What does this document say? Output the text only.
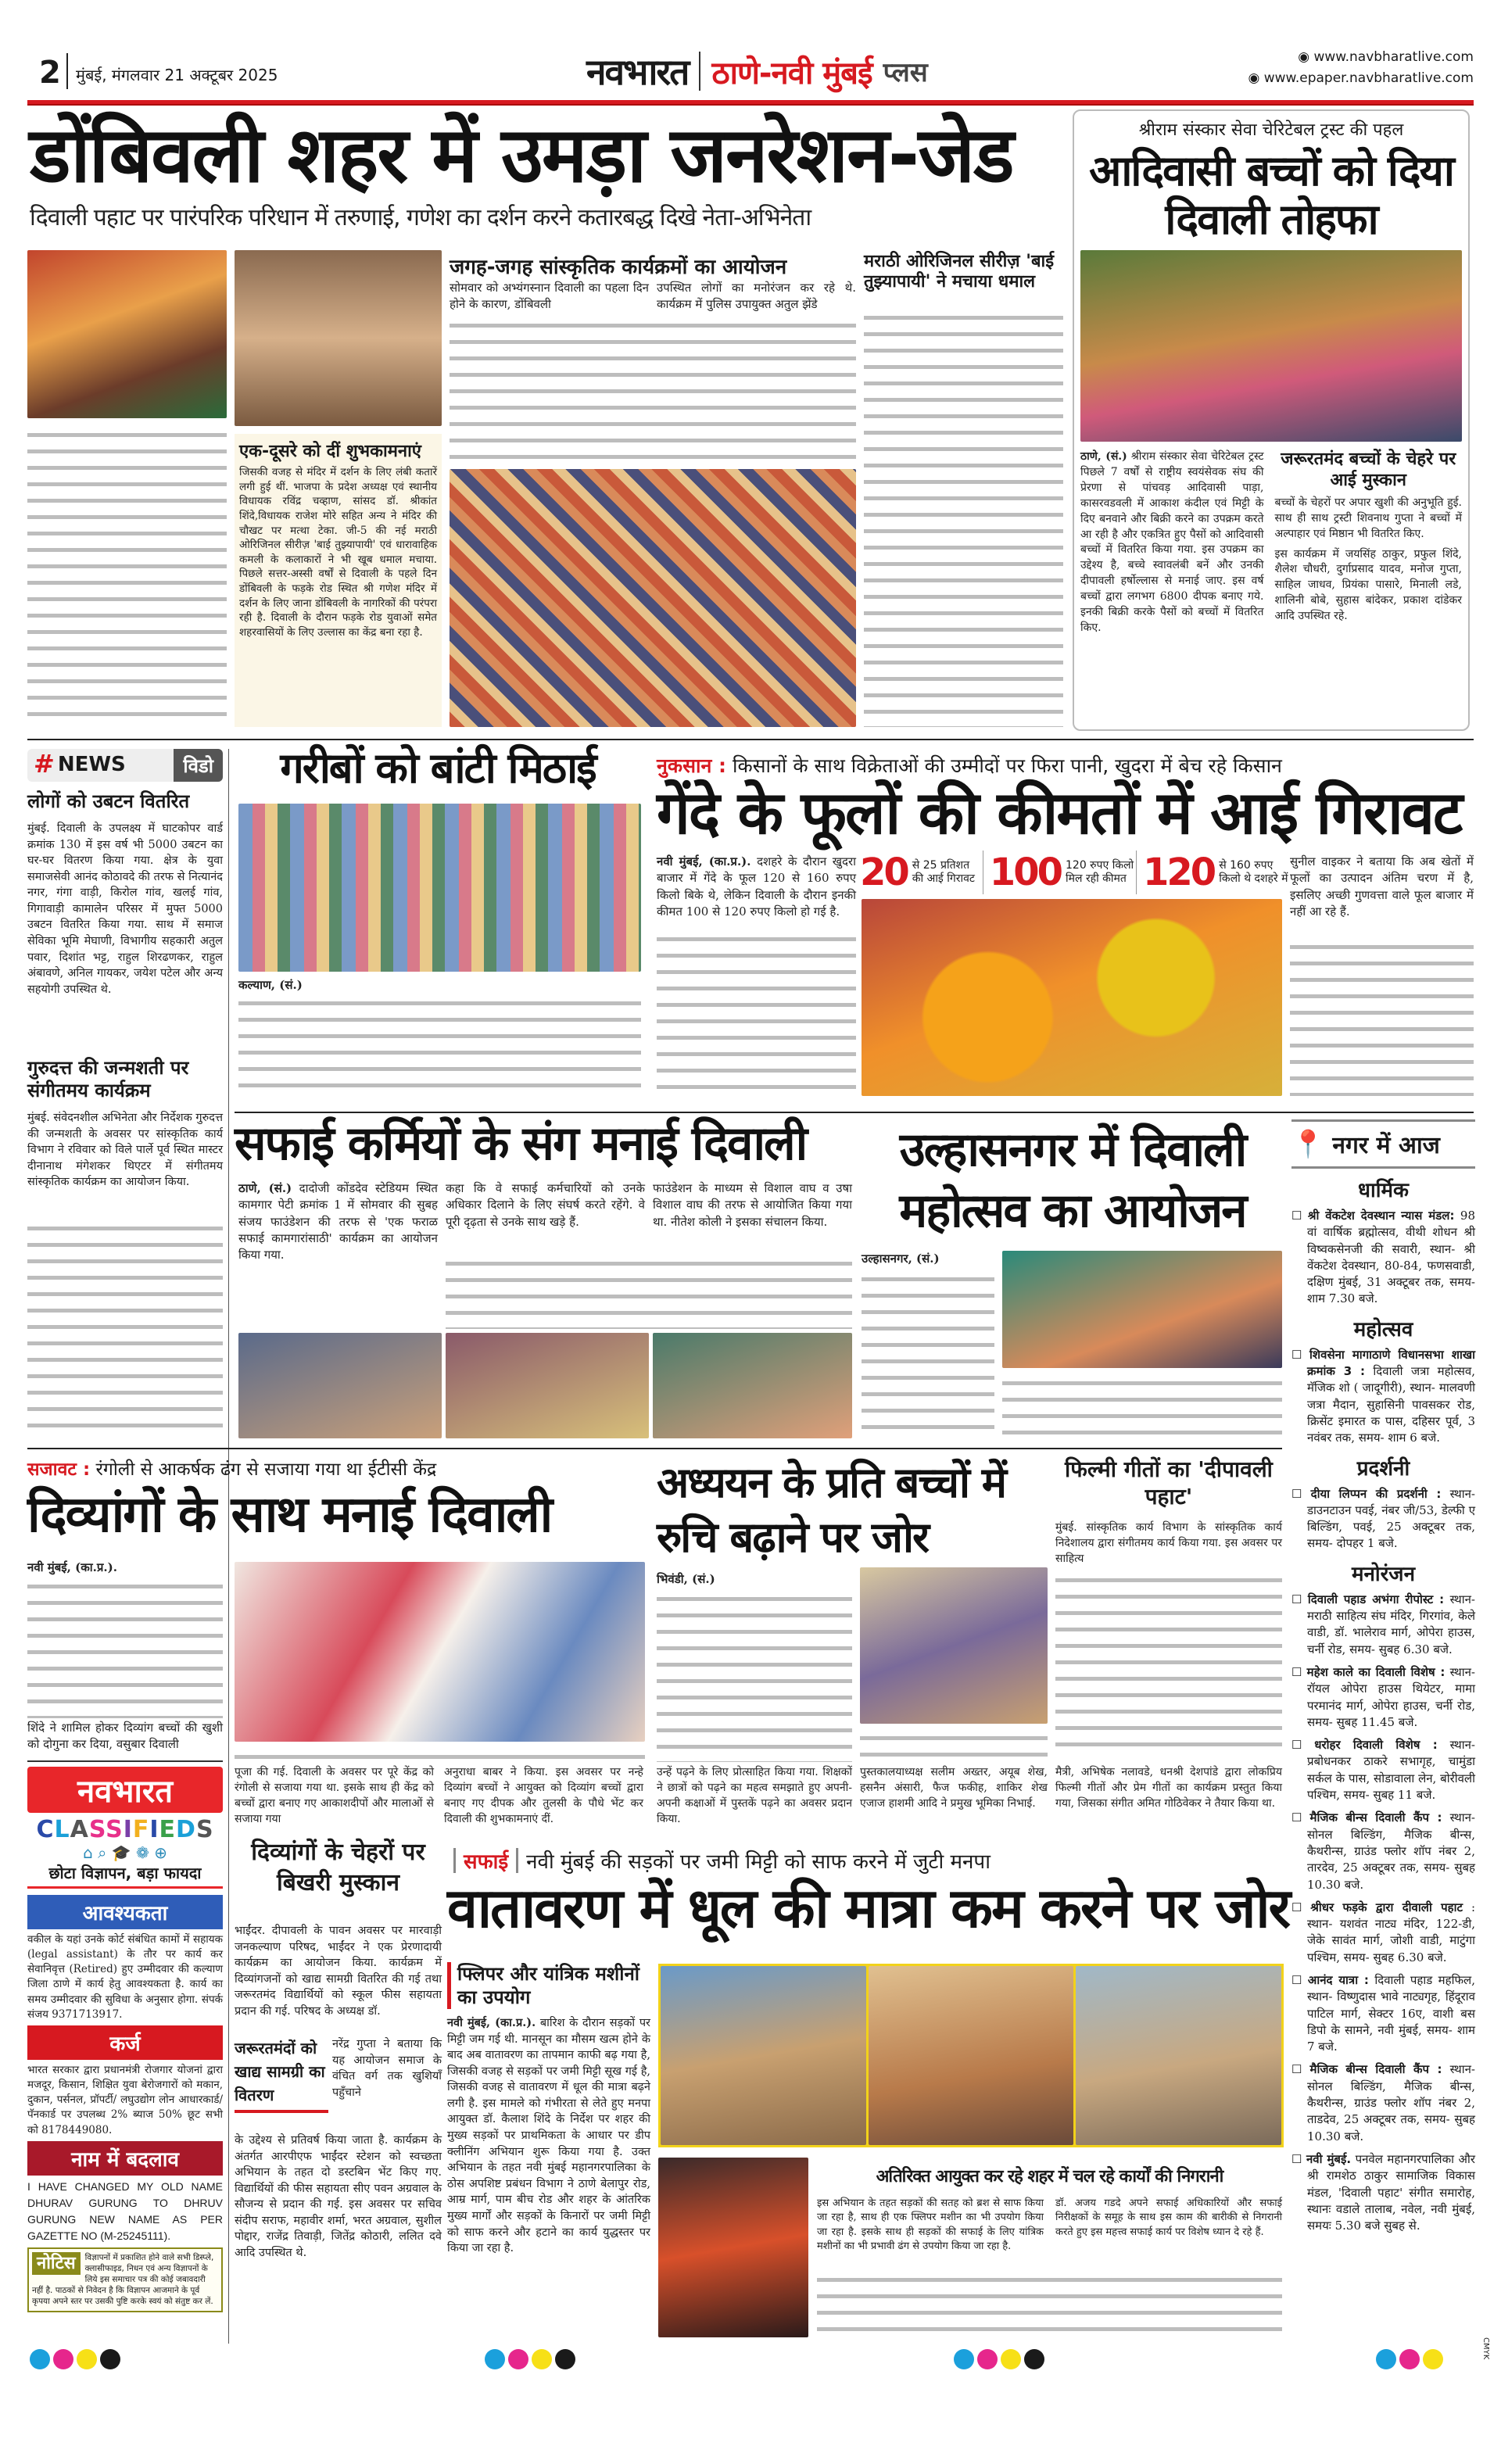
2 मुंबई, मंगलवार 21 अक्टूबर 2025	नवभारत ठाणे-नवी मुंबई प्लस	◉ www.navbharatlive.com
◉ www.epaper.navbharatlive.com
डोंबिवली शहर में उमड़ा जनरेशन-जेड
दिवाली पहाट पर पारंपरिक परिधान में तरुणाई, गणेश का दर्शन करने कतारबद्ध दिखे नेता-अभिनेता
एक-दूसरे को दीं शुभकामनाएं
जिसकी वजह से मंदिर में दर्शन के लिए लंबी कतारें लगी हुई थीं. भाजपा के प्रदेश अध्यक्ष एवं स्थानीय विधायक रविंद्र चव्हाण, सांसद डॉ. श्रीकांत शिंदे,विधायक राजेश मोरे सहित अन्य ने मंदिर की चौखट पर मत्था टेका. जी-5 की नई मराठी ओरिजिनल सीरीज़ 'बाई तुझ्यापायी' एवं धारावाहिक कमली के कलाकारों ने भी खूब धमाल मचाया. पिछले सत्तर-अस्सी वर्षों से दिवाली के पहले दिन डोंबिवली के फड़के रोड स्थित श्री गणेश मंदिर में दर्शन के लिए जाना डोंबिवली के नागरिकों की परंपरा रही है. दिवाली के दौरान फड़के रोड युवाओं समेत शहरवासियों के लिए उल्लास का केंद्र बना रहा है.
जगह-जगह सांस्कृतिक कार्यक्रमों का आयोजन
सोमवार को अभ्यंगस्नान दिवाली का पहला दिन होने के कारण, डोंबिवली
उपस्थित लोगों का मनोरंजन कर रहे थे. कार्यक्रम में पुलिस उपायुक्त अतुल झेंडे
मराठी ओरिजिनल सीरीज़ 'बाई तुझ्यापायी' ने मचाया धमाल
श्रीराम संस्कार सेवा चेरिटेबल ट्रस्ट की पहल
आदिवासी बच्चों को दिया दिवाली तोहफा
ठाणे, (सं.) श्रीराम संस्कार सेवा चेरिटेबल ट्रस्ट पिछले 7 वर्षों से राष्ट्रीय स्वयंसेवक संघ की प्रेरणा से पांचवड़ आदिवासी पाड़ा, कासरवडवली में आकाश कंदील एवं मिट्टी के दिए बनवाने और बिक्री करने का उपक्रम करते आ रही है और एकत्रित हुए पैसों को आदिवासी बच्चों में वितरित किया गया. इस उपक्रम का उद्देश्य है, बच्चे स्वावलंबी बनें और उनकी दीपावली हर्षोल्लास से मनाई जाए. इस वर्ष बच्चों द्वारा लगभग 6800 दीपक बनाए गये. इनकी बिक्री करके पैसों को बच्चों में वितरित किए.
जरूरतमंद बच्चों के चेहरे पर आई मुस्कान
बच्चों के चेहरों पर अपार खुशी की अनुभूति हुई. साथ ही साथ ट्रस्टी शिवनाथ गुप्ता ने बच्चों में अल्पाहार एवं मिष्ठान भी वितरित किए.
इस कार्यक्रम में जयसिंह ठाकुर, प्रफुल शिंदे, शैलेश चौधरी, दुर्गाप्रसाद यादव, मनोज गुप्ता, साहिल जाधव, प्रियंका पासारे, मिनाली लडे, शालिनी बोबे, सुहास बांदेकर, प्रकाश दांडेकर आदि उपस्थित रहे.
# NEWS	विडो
लोगों को उबटन वितरित
मुंबई. दिवाली के उपलक्ष्य में घाटकोपर वार्ड क्रमांक 130 में इस वर्ष भी 5000 उबटन का घर-घर वितरण किया गया. क्षेत्र के युवा समाजसेवी आनंद कोठावदे की तरफ से नित्यानंद नगर, गंगा वाड़ी, किरोल गांव, खलई गांव, गिगावाड़ी कामालेन परिसर में मुफ्त 5000 उबटन वितरित किया गया. साथ में समाज सेविका भूमि मेघाणी, विभागीय सहकारी अतुल पवार, दिशांत भट्ट, राहुल शिरढणकर, राहुल अंबावणे, अनिल गायकर, जयेश पटेल और अन्य सहयोगी उपस्थित थे.
गुरुदत्त की जन्मशती पर संगीतमय कार्यक्रम
मुंबई. संवेदनशील अभिनेता और निर्देशक गुरुदत्त की जन्मशती के अवसर पर सांस्कृतिक कार्य विभाग ने रविवार को विले पार्ले पूर्व स्थित मास्टर दीनानाथ मंगेशकर थिएटर में संगीतमय सांस्कृतिक कार्यक्रम का आयोजन किया.
गरीबों को बांटी मिठाई
कल्याण, (सं.)
नुकसान : किसानों के साथ विक्रेताओं की उम्मीदों पर फिरा पानी, खुदरा में बेच रहे किसान
गेंदे के फूलों की कीमतों में आई गिरावट
नवी मुंबई, (का.प्र.). दशहरे के दौरान खुदरा बाजार में गेंदे के फूल 120 से 160 रुपए किलो बिके थे, लेकिन दिवाली के दौरान इनकी कीमत 100 से 120 रुपए किलो हो गई है.
20 से 25 प्रतिशत की आई गिरावट 100 120 रुपए किलो मिल रही कीमत 120 से 160 रुपए किलो थे दशहरे में
सुनील वाइकर ने बताया कि अब खेतों में फूलों का उत्पादन अंतिम चरण में है, इसलिए अच्छी गुणवत्ता वाले फूल बाजार में नहीं आ रहे हैं.
सफाई कर्मियों के संग मनाई दिवाली
ठाणे, (सं.) दादोजी कोंडदेव स्टेडियम स्थित कामगार पेटी क्रमांक 1 में सोमवार की सुबह संजय फाउंडेशन की तरफ से 'एक फराळ सफाई कामगारांसाठी' कार्यक्रम का आयोजन किया गया.
कहा कि वे सफाई कर्मचारियों को उनके अधिकार दिलाने के लिए संघर्ष करते रहेंगे. वे पूरी दृढ़ता से उनके साथ खड़े हैं.
फाउंडेशन के माध्यम से विशाल वाघ व उषा विशाल वाघ की तरफ से आयोजित किया गया था. नीतेश कोली ने इसका संचालन किया.
उल्हासनगर में दिवाली महोत्सव का आयोजन
उल्हासनगर, (सं.)
📍 नगर में आज
धार्मिक
☐ श्री वेंकटेश देवस्थान न्यास मंडल: 98 वां वार्षिक ब्रह्मोत्सव, वीथी शोधन श्री विष्वकसेनजी की सवारी, स्थान- श्री वेंकटेश देवस्थान, 80-84, फणसवाडी, दक्षिण मुंबई, 31 अक्टूबर तक, समय- शाम 7.30 बजे.
महोत्सव
☐ शिवसेना मागाठाणे विधानसभा शाखा क्रमांक 3 : दिवाली जत्रा महोत्सव, मॅजिक शो ( जादूगीरी), स्थान- मालवणी जत्रा मैदान, सुहासिनी पावसकर रोड, क्रिसेंट इमारत क पास, दहिसर पूर्व, 3 नवंबर तक, समय- शाम 6 बजे.
प्रदर्शनी
☐ दीया लिप्पन की प्रदर्शनी : स्थान- डाउनटाउन पवई, नंबर जी/53, डेल्फी ए बिल्डिंग, पवई, 25 अक्टूबर तक, समय- दोपहर 1 बजे.
मनोरंजन
☐ दिवाली पहाड अभंगा रीपोस्ट : स्थान- मराठी साहित्य संघ मंदिर, गिरगांव, केले वाडी, डॉ. भालेराव मार्ग, ओपेरा हाउस, चर्नी रोड, समय- सुबह 6.30 बजे.
☐ महेश काले का दिवाली विशेष : स्थान- रॉयल ओपेरा हाउस थियेटर, मामा परमानंद मार्ग, ओपेरा हाउस, चर्नी रोड, समय- सुबह 11.45 बजे.
☐ धरोहर दिवाली विशेष : स्थान- प्रबोधनकर ठाकरे सभागृह, चामुंडा सर्कल के पास, सोडावाला लेन, बोरीवली पश्चिम, समय- सुबह 11 बजे.
☐ मैजिक बीन्स दिवाली कैंप : स्थान- सोनल बिल्डिंग, मैजिक बीन्स, कैथरीन्स, ग्राउंड फ्लोर शॉप नंबर 2, तारदेव, 25 अक्टूबर तक, समय- सुबह 10.30 बजे.
☐ श्रीधर फड़के द्वारा दीवाली पहाट : स्थान- यशवंत नाट्य मंदिर, 122-डी, जेके सावंत मार्ग, जोशी वाडी, माटुंगा पश्चिम, समय- सुबह 6.30 बजे.
☐ आनंद यात्रा : दिवाली पहाड महफिल, स्थान- विष्णुदास भावे नाट्यगृह, हिंदूराव पाटिल मार्ग, सेक्टर 16ए, वाशी बस डिपो के सामने, नवी मुंबई, समय- शाम 7 बजे.
☐ मैजिक बीन्स दिवाली कैंप : स्थान- सोनल बिल्डिंग, मैजिक बीन्स, कैथरीन्स, ग्राउंड फ्लोर शॉप नंबर 2, ताडदेव, 25 अक्टूबर तक, समय- सुबह 10.30 बजे.
☐ नवी मुंबई. पनवेल महानगरपालिका और श्री रामशेठ ठाकुर सामाजिक विकास मंडल, 'दिवाली पहाट' संगीत समारोह, स्थानः वडाले तालाब, नवेल, नवी मुंबई, समयः 5.30 बजे सुबह से.
सजावट : रंगोली से आकर्षक ढंग से सजाया गया था ईटीसी केंद्र
दिव्यांगों के साथ मनाई दिवाली
नवी मुंबई, (का.प्र.).
शिंदे ने शामिल होकर दिव्यांग बच्चों की खुशी को दोगुना कर दिया, वसुबार दिवाली
पूजा की गई. दिवाली के अवसर पर पूरे केंद्र को रंगोली से सजाया गया था. इसके साथ ही केंद्र को बच्चों द्वारा बनाए गए आकाशदीपों और मालाओं से सजाया गया
अनुराधा बाबर ने किया. इस अवसर पर नन्हे दिव्यांग बच्चों ने आयुक्त को दिव्यांग बच्चों द्वारा बनाए गए दीपक और तुलसी के पौधे भेंट कर दिवाली की शुभकामनाएं दीं.
अध्ययन के प्रति बच्चों में रुचि बढ़ाने पर जोर
भिवंडी, (सं.)
उन्हें पढ़ने के लिए प्रोत्साहित किया गया. शिक्षकों ने छात्रों को पढ़ने का महत्व समझाते हुए अपनी-अपनी कक्षाओं में पुस्तकें पढ़ने का अवसर प्रदान किया.
पुस्तकालयाध्यक्ष सलीम अख्तर, अयूब शेख, हसनैन अंसारी, फैज फकीह, शाकिर शेख एजाज हाशमी आदि ने प्रमुख भूमिका निभाई.
फिल्मी गीतों का 'दीपावली पहाट'
मुंबई. सांस्कृतिक कार्य विभाग के सांस्कृतिक कार्य निदेशालय द्वारा संगीतमय कार्य किया गया. इस अवसर पर साहित्य
मैत्री, अभिषेक नलावडे, धनश्री देशपांडे द्वारा लोकप्रिय फिल्मी गीतों और प्रेम गीतों का कार्यक्रम प्रस्तुत किया गया, जिसका संगीत अमित गोठिवेकर ने तैयार किया था.
नवभारत
CLASSIFIEDS
⌂ ⌕ 🎓 ❁ ⊕
छोटा विज्ञापन, बड़ा फायदा
आवश्यकता
वकील के यहां उनके कोर्ट संबंधित कामों में सहायक (legal assistant) के तौर पर कार्य कर सेवानिवृत्त (Retired) हुए उम्मीदवार की कल्याण जिला ठाणे में कार्य हेतु आवश्यकता है. कार्य का समय उम्मीदवार की सुविधा के अनुसार होगा. संपर्क संजय 9371713917.
कर्ज
भारत सरकार द्वारा प्रधानमंत्री रोजगार योजनां द्वारा मजदूर, किसान, शिक्षित युवा बेरोजगारों को मकान, दुकान, पर्सनल, प्रॉपर्टी/ लघुउद्योग लोन आधारकार्ड/ पॅनकार्ड पर उपलब्ध 2% ब्याज 50% छूट सभी को 8178449080.
नाम में बदलाव
I HAVE CHANGED MY OLD NAME DHURAV GURUNG TO DHRUV GURUNG NEW NAME AS PER GAZETTE NO (M-25245111).
नोटिस	विज्ञापनों में प्रकाशित होने वाले सभी डिस्प्ले, क्लासीफाइड, निधन एवं अन्य विज्ञापनों के लिये इस समाचार पत्र की कोई जबावदारी नहीं है. पाठकों से निवेदन है कि विज्ञापन आजमाने के पूर्व कृपया अपने स्तर पर उसकी पुष्टि करके स्वयं को संतुष्ट कर लें.
दिव्यांगों के चेहरों पर बिखरी मुस्कान
भाईंदर. दीपावली के पावन अवसर पर मारवाड़ी जनकल्याण परिषद, भाईंदर ने एक प्रेरणादायी कार्यक्रम का आयोजन किया. कार्यक्रम में दिव्यांगजनों को खाद्य सामग्री वितरित की गई तथा जरूरतमंद विद्यार्थियों को स्कूल फीस सहायता प्रदान की गई. परिषद के अध्यक्ष डॉ.
जरूरतमंदों को खाद्य सामग्री का वितरण
नरेंद्र गुप्ता ने बताया कि यह आयोजन समाज के वंचित वर्ग तक खुशियाँ पहुँचाने
के उद्देश्य से प्रतिवर्ष किया जाता है. कार्यक्रम के अंतर्गत आरपीएफ भाईंदर स्टेशन को स्वच्छता अभियान के तहत दो डस्टबिन भेंट किए गए. विद्यार्थियों की फीस सहायता सीए पवन अग्रवाल के सौजन्य से प्रदान की गई. इस अवसर पर सचिव संदीप सराफ, महावीर शर्मा, भरत अग्रवाल, सुशील पोद्दार, राजेंद्र तिवाड़ी, जितेंद्र कोठारी, ललित दवे आदि उपस्थित थे.
सफाई नवी मुंबई की सड़कों पर जमी मिट्टी को साफ करने में जुटी मनपा
वातावरण में धूल की मात्रा कम करने पर जोर
फ्लिपर और यांत्रिक मशीनों का उपयोग
नवी मुंबई, (का.प्र.). बारिश के दौरान सड़कों पर मिट्टी जम गई थी. मानसून का मौसम खत्म होने के बाद अब वातावरण का तापमान काफी बढ़ गया है, जिसकी वजह से सड़कों पर जमी मिट्टी सूख गई है, जिसकी वजह से वातावरण में धूल की मात्रा बढ़ने लगी है. इस मामले को गंभीरता से लेते हुए मनपा आयुक्त डॉ. कैलाश शिंदे के निर्देश पर शहर की मुख्य सड़कों पर प्राथमिकता के आधार पर डीप क्लीनिंग अभियान शुरू किया गया है. उक्त अभियान के तहत नवी मुंबई महानगरपालिका के ठोस अपशिष्ट प्रबंधन विभाग ने ठाणे बेलापुर रोड, आम्र मार्ग, पाम बीच रोड और शहर के आंतरिक मुख्य मार्गों और सड़कों के किनारों पर जमी मिट्टी को साफ करने और हटाने का कार्य युद्धस्तर पर किया जा रहा है.
अतिरिक्त आयुक्त कर रहे शहर में चल रहे कार्यों की निगरानी
इस अभियान के तहत सड़कों की सतह को ब्रश से साफ किया जा रहा है, साथ ही एक फ्लिपर मशीन का भी उपयोग किया जा रहा है. इसके साथ ही सड़कों की सफाई के लिए यांत्रिक मशीनों का भी प्रभावी ढंग से उपयोग किया जा रहा है.
डॉ. अजय गडदे अपने सफाई अधिकारियों और सफाई निरीक्षकों के समूह के साथ इस काम की बारीकी से निगरानी करते हुए इस महत्त्व सफाई कार्य पर विशेष ध्यान दे रहे हैं.
CMYK
